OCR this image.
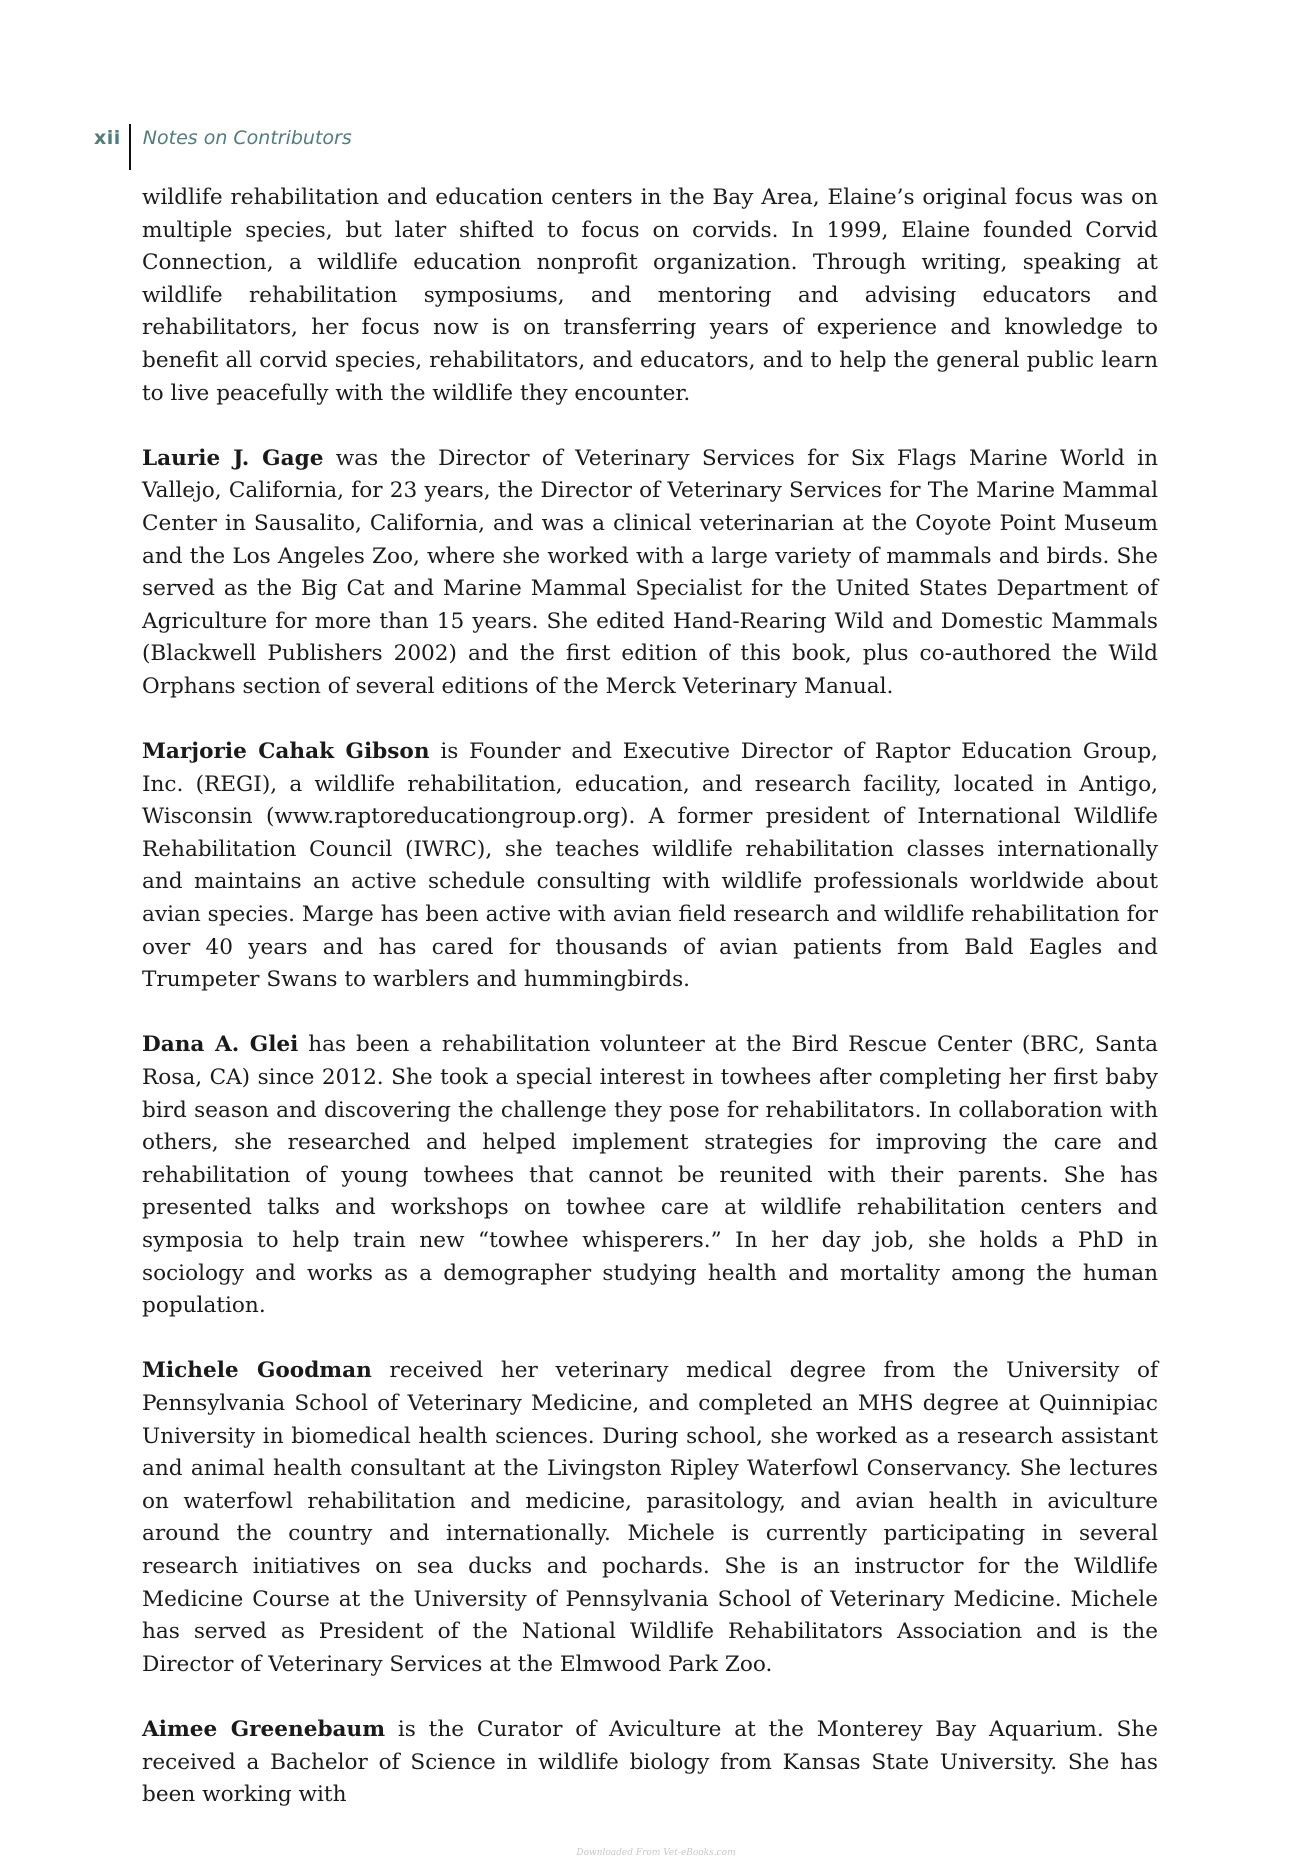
xii	Notes on Contributors

wildlife rehabilitation and education centers in the Bay Area, Elaine’s original focus was on multiple species, but later shifted to focus on corvids. In 1999, Elaine founded Corvid Connection, a wildlife education nonprofit organization. Through writing, speaking at wildlife rehabilitation symposiums, and mentoring and advising educators and rehabilitators, her focus now is on transferring years of experience and knowledge to benefit all corvid species, rehabilitators, and educators, and to help the general public learn to live peacefully with the wildlife they encounter.

Laurie J. Gage was the Director of Veterinary Services for Six Flags Marine World in Vallejo, California, for 23 years, the Director of Veterinary Services for The Marine Mammal Center in Sausalito, California, and was a clinical veterinarian at the Coyote Point Museum and the Los Angeles Zoo, where she worked with a large variety of mammals and birds. She served as the Big Cat and Marine Mammal Specialist for the United States Department of Agriculture for more than 15 years. She edited Hand-Rearing Wild and Domestic Mammals (Blackwell Publishers 2002) and the first edition of this book, plus co-authored the Wild Orphans section of several editions of the Merck Veterinary Manual.

Marjorie Cahak Gibson is Founder and Executive Director of Raptor Education Group, Inc. (REGI), a wildlife rehabilitation, education, and research facility, located in Antigo, Wisconsin (www.raptoreducationgroup.org). A former president of International Wildlife Rehabilitation Council (IWRC), she teaches wildlife rehabilitation classes internationally and maintains an active schedule consulting with wildlife professionals worldwide about avian species. Marge has been active with avian field research and wildlife rehabilitation for over 40 years and has cared for thousands of avian patients from Bald Eagles and Trumpeter Swans to warblers and hummingbirds.

Dana A. Glei has been a rehabilitation volunteer at the Bird Rescue Center (BRC, Santa Rosa, CA) since 2012. She took a special interest in towhees after completing her first baby bird season and discovering the challenge they pose for rehabilitators. In collaboration with others, she researched and helped implement strategies for improving the care and rehabilitation of young towhees that cannot be reunited with their parents. She has presented talks and workshops on towhee care at wildlife rehabilitation centers and symposia to help train new “towhee whisperers.” In her day job, she holds a PhD in sociology and works as a demographer studying health and mortality among the human population.

Michele Goodman received her veterinary medical degree from the University of Pennsylvania School of Veterinary Medicine, and completed an MHS degree at Quinnipiac University in biomedical health sciences. During school, she worked as a research assistant and animal health consultant at the Livingston Ripley Waterfowl Conservancy. She lectures on waterfowl rehabilitation and medicine, parasitology, and avian health in aviculture around the country and internationally. Michele is currently participating in several research initiatives on sea ducks and pochards. She is an instructor for the Wildlife Medicine Course at the University of Pennsylvania School of Veterinary Medicine. Michele has served as President of the National Wildlife Rehabilitators Association and is the Director of Veterinary Services at the Elmwood Park Zoo.

Aimee Greenebaum is the Curator of Aviculture at the Monterey Bay Aquarium. She received a Bachelor of Science in wildlife biology from Kansas State University. She has been working with

Downloaded From Vet-eBooks.com
